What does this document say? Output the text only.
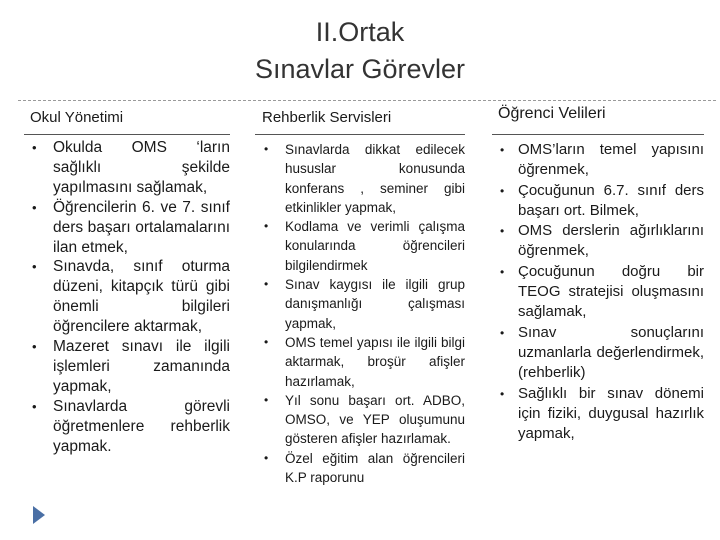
II.Ortak
Sınavlar Görevler
Okul Yönetimi
• Okulda OMS ‘ların sağlıklı şekilde yapılmasını sağlamak,
• Öğrencilerin 6. ve 7. sınıf ders başarı ortalamalarını ilan etmek,
• Sınavda, sınıf oturma düzeni, kitapçık türü gibi önemli bilgileri öğrencilere aktarmak,
• Mazeret sınavı ile ilgili işlemleri zamanında yapmak,
• Sınavlarda görevli öğretmenlere rehberlik yapmak.
Rehberlik Servisleri
• Sınavlarda dikkat edilecek hususlar konusunda konferans , seminer gibi etkinlikler yapmak,
• Kodlama ve verimli çalışma konularında öğrencileri bilgilendirmek
• Sınav kaygısı ile ilgili grup danışmanlığı çalışması yapmak,
• OMS temel yapısı ile ilgili bilgi aktarmak, broşür afişler hazırlamak,
• Yıl sonu başarı ort. ADBO, OMSO, ve YEP oluşumunu gösteren afişler hazırlamak.
• Özel eğitim alan öğrencileri K.P raporunu
Öğrenci Velileri
• OMS’ların temel yapısını öğrenmek,
• Çocuğunun 6.7. sınıf ders başarı ort. Bilmek,
• OMS derslerin ağırlıklarını öğrenmek,
• Çocuğunun doğru bir TEOG stratejisi oluşmasını sağlamak,
• Sınav sonuçlarını uzmanlarla değerlendirmek, (rehberlik)
• Sağlıklı bir sınav dönemi için fiziki, duygusal hazırlık yapmak,
